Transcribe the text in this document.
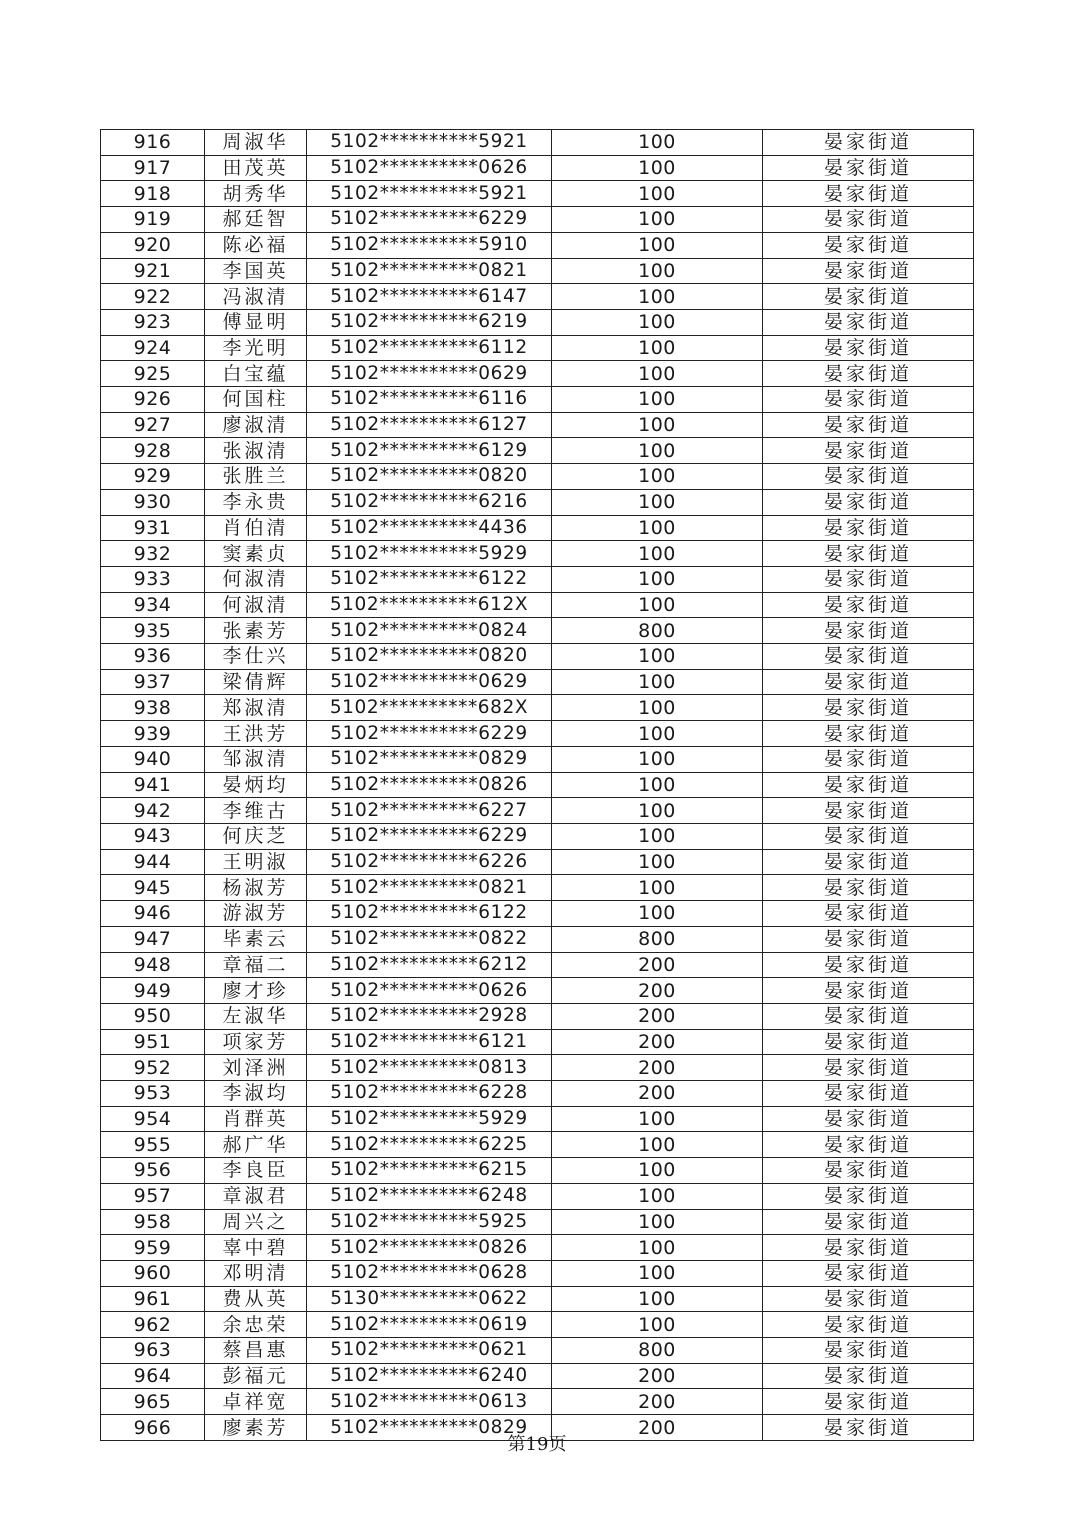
916	周淑华	5102**********5921	100	晏家街道
917	田茂英	5102**********0626	100	晏家街道
918	胡秀华	5102**********5921	100	晏家街道
919	郝廷智	5102**********6229	100	晏家街道
920	陈必福	5102**********5910	100	晏家街道
921	李国英	5102**********0821	100	晏家街道
922	冯淑清	5102**********6147	100	晏家街道
923	傅显明	5102**********6219	100	晏家街道
924	李光明	5102**********6112	100	晏家街道
925	白宝蕴	5102**********0629	100	晏家街道
926	何国柱	5102**********6116	100	晏家街道
927	廖淑清	5102**********6127	100	晏家街道
928	张淑清	5102**********6129	100	晏家街道
929	张胜兰	5102**********0820	100	晏家街道
930	李永贵	5102**********6216	100	晏家街道
931	肖伯清	5102**********4436	100	晏家街道
932	窦素贞	5102**********5929	100	晏家街道
933	何淑清	5102**********6122	100	晏家街道
934	何淑清	5102**********612X	100	晏家街道
935	张素芳	5102**********0824	800	晏家街道
936	李仕兴	5102**********0820	100	晏家街道
937	梁倩辉	5102**********0629	100	晏家街道
938	郑淑清	5102**********682X	100	晏家街道
939	王洪芳	5102**********6229	100	晏家街道
940	邹淑清	5102**********0829	100	晏家街道
941	晏炳均	5102**********0826	100	晏家街道
942	李维古	5102**********6227	100	晏家街道
943	何庆芝	5102**********6229	100	晏家街道
944	王明淑	5102**********6226	100	晏家街道
945	杨淑芳	5102**********0821	100	晏家街道
946	游淑芳	5102**********6122	100	晏家街道
947	毕素云	5102**********0822	800	晏家街道
948	章福二	5102**********6212	200	晏家街道
949	廖才珍	5102**********0626	200	晏家街道
950	左淑华	5102**********2928	200	晏家街道
951	项家芳	5102**********6121	200	晏家街道
952	刘泽洲	5102**********0813	200	晏家街道
953	李淑均	5102**********6228	200	晏家街道
954	肖群英	5102**********5929	100	晏家街道
955	郝广华	5102**********6225	100	晏家街道
956	李良臣	5102**********6215	100	晏家街道
957	章淑君	5102**********6248	100	晏家街道
958	周兴之	5102**********5925	100	晏家街道
959	辜中碧	5102**********0826	100	晏家街道
960	邓明清	5102**********0628	100	晏家街道
961	费从英	5130**********0622	100	晏家街道
962	余忠荣	5102**********0619	100	晏家街道
963	蔡昌惠	5102**********0621	800	晏家街道
964	彭福元	5102**********6240	200	晏家街道
965	卓祥宽	5102**********0613	200	晏家街道
966	廖素芳	5102**********0829	200	晏家街道
第19页
